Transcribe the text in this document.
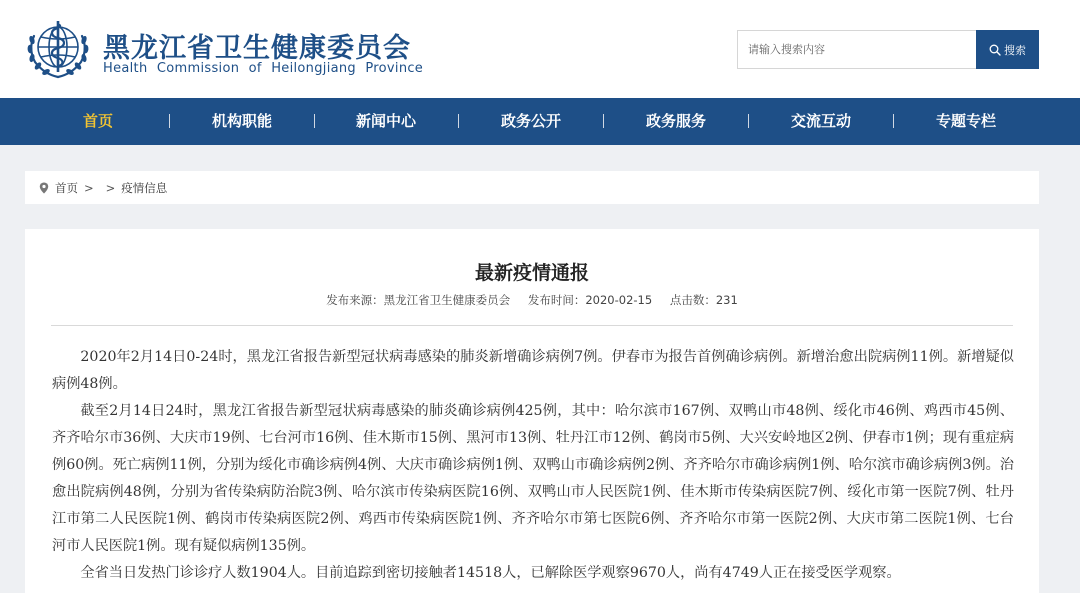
黑龙江省卫生健康委员会
Health Commission of Heilongjiang Province
请输入搜索内容
搜索
首页	机构职能	新闻中心	政务公开	政务服务	交流互动	专题专栏
首页 > > 疫情信息
最新疫情通报
发布来源：黑龙江省卫生健康委员会 发布时间：2020-02-15 点击数：231

2020年2月14日0-24时，黑龙江省报告新型冠状病毒感染的肺炎新增确诊病例7例。伊春市为报告首例确诊病例。新增治愈出院病例11例。新增疑似病例48例。

截至2月14日24时，黑龙江省报告新型冠状病毒感染的肺炎确诊病例425例，其中：哈尔滨市167例、双鸭山市48例、绥化市46例、鸡西市45例、齐齐哈尔市36例、大庆市19例、七台河市16例、佳木斯市15例、黑河市13例、牡丹江市12例、鹤岗市5例、大兴安岭地区2例、伊春市1例；现有重症病例60例。死亡病例11例，分别为绥化市确诊病例4例、大庆市确诊病例1例、双鸭山市确诊病例2例、齐齐哈尔市确诊病例1例、哈尔滨市确诊病例3例。治愈出院病例48例，分别为省传染病防治院3例、哈尔滨市传染病医院16例、双鸭山市人民医院1例、佳木斯市传染病医院7例、绥化市第一医院7例、牡丹江市第二人民医院1例、鹤岗市传染病医院2例、鸡西市传染病医院1例、齐齐哈尔市第七医院6例、齐齐哈尔市第一医院2例、大庆市第二医院1例、七台河市人民医院1例。现有疑似病例135例。

全省当日发热门诊诊疗人数1904人。目前追踪到密切接触者14518人，已解除医学观察9670人，尚有4749人正在接受医学观察。
